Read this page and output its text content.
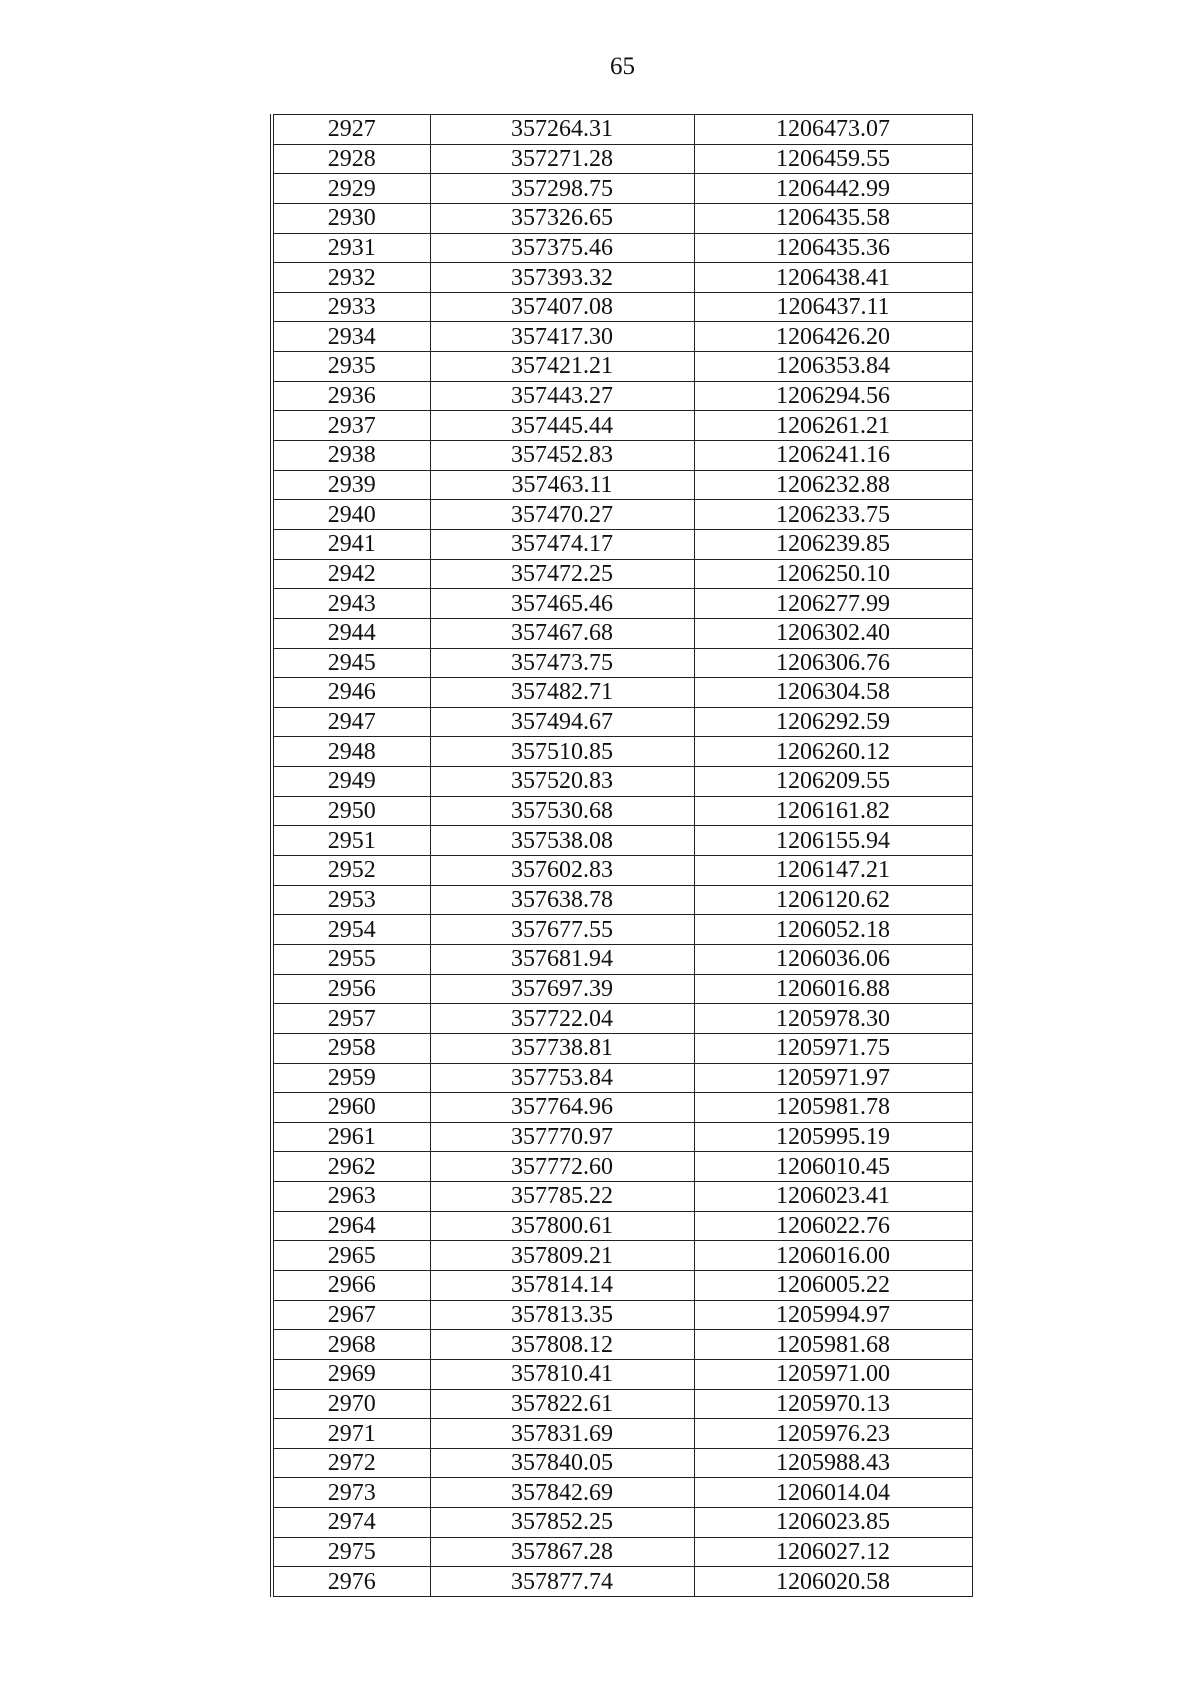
65
2927	357264.31	1206473.07
2928	357271.28	1206459.55
2929	357298.75	1206442.99
2930	357326.65	1206435.58
2931	357375.46	1206435.36
2932	357393.32	1206438.41
2933	357407.08	1206437.11
2934	357417.30	1206426.20
2935	357421.21	1206353.84
2936	357443.27	1206294.56
2937	357445.44	1206261.21
2938	357452.83	1206241.16
2939	357463.11	1206232.88
2940	357470.27	1206233.75
2941	357474.17	1206239.85
2942	357472.25	1206250.10
2943	357465.46	1206277.99
2944	357467.68	1206302.40
2945	357473.75	1206306.76
2946	357482.71	1206304.58
2947	357494.67	1206292.59
2948	357510.85	1206260.12
2949	357520.83	1206209.55
2950	357530.68	1206161.82
2951	357538.08	1206155.94
2952	357602.83	1206147.21
2953	357638.78	1206120.62
2954	357677.55	1206052.18
2955	357681.94	1206036.06
2956	357697.39	1206016.88
2957	357722.04	1205978.30
2958	357738.81	1205971.75
2959	357753.84	1205971.97
2960	357764.96	1205981.78
2961	357770.97	1205995.19
2962	357772.60	1206010.45
2963	357785.22	1206023.41
2964	357800.61	1206022.76
2965	357809.21	1206016.00
2966	357814.14	1206005.22
2967	357813.35	1205994.97
2968	357808.12	1205981.68
2969	357810.41	1205971.00
2970	357822.61	1205970.13
2971	357831.69	1205976.23
2972	357840.05	1205988.43
2973	357842.69	1206014.04
2974	357852.25	1206023.85
2975	357867.28	1206027.12
2976	357877.74	1206020.58
